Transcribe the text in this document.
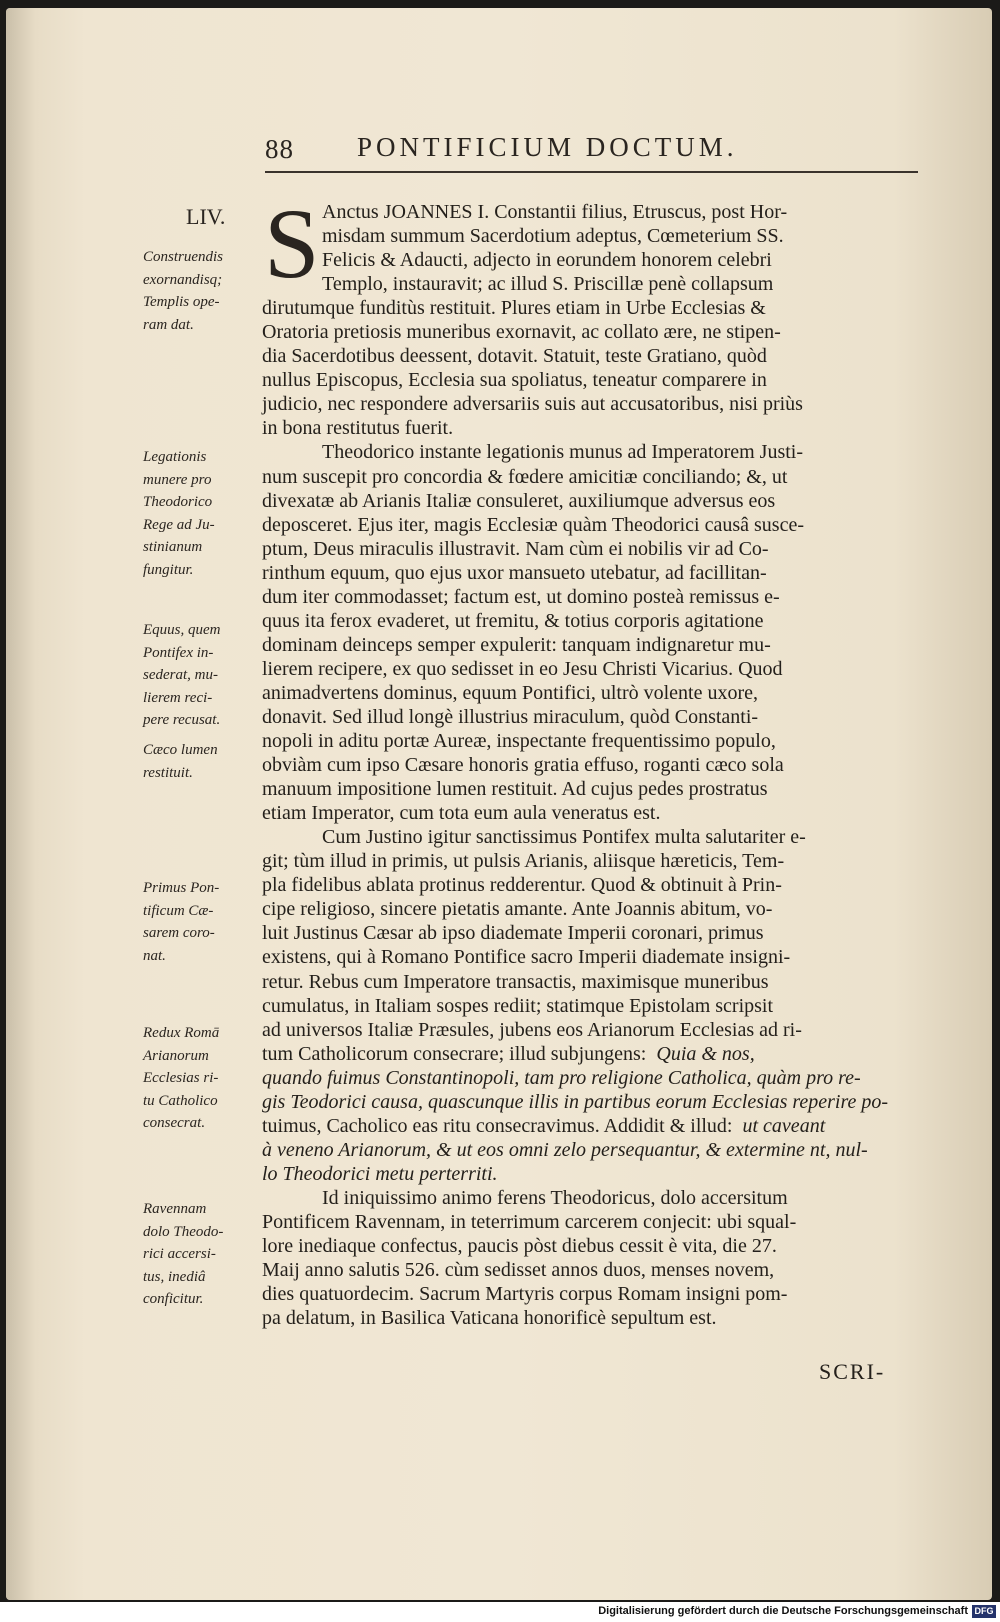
88 PONTIFICIUM DOCTUM.
LIV.
Construendis
exornandisq;
Templis ope-
ram dat.
Legationis
munere pro
Theodorico
Rege ad Ju-
stinianum
fungitur.
Equus, quem
Pontifex in-
sederat, mu-
lierem reci-
pere recusat.
Cæco lumen
restituit.
Primus Pon-
tificum Cæ-
sarem coro-
nat.
Redux Romā
Arianorum
Ecclesias ri-
tu Catholico
consecrat.
Ravennam
dolo Theodo-
rici accersi-
tus, inediâ
conficitur.
S Anctus JOANNES I. Constantii filius, Etruscus, post Hor-
misdam summum Sacerdotium adeptus, Cœmeterium SS.
Felicis & Adaucti, adjecto in eorundem honorem celebri
Templo, instauravit; ac illud S. Priscillæ penè collapsum
dirutumque funditùs restituit. Plures etiam in Urbe Ecclesias &
Oratoria pretiosis muneribus exornavit, ac collato ære, ne stipen-
dia Sacerdotibus deessent, dotavit. Statuit, teste Gratiano, quòd
nullus Episcopus, Ecclesia sua spoliatus, teneatur comparere in
judicio, nec respondere adversariis suis aut accusatoribus, nisi priùs
in bona restitutus fuerit.
Theodorico instante legationis munus ad Imperatorem Justi-
num suscepit pro concordia & fœdere amicitiæ conciliando; &, ut
divexatæ ab Arianis Italiæ consuleret, auxiliumque adversus eos
deposceret. Ejus iter, magis Ecclesiæ quàm Theodorici causâ susce-
ptum, Deus miraculis illustravit. Nam cùm ei nobilis vir ad Co-
rinthum equum, quo ejus uxor mansueto utebatur, ad facillitan-
dum iter commodasset; factum est, ut domino posteà remissus e-
quus ita ferox evaderet, ut fremitu, & totius corporis agitatione
dominam deinceps semper expulerit: tanquam indignaretur mu-
lierem recipere, ex quo sedisset in eo Jesu Christi Vicarius. Quod
animadvertens dominus, equum Pontifici, ultrò volente uxore,
donavit. Sed illud longè illustrius miraculum, quòd Constanti-
nopoli in aditu portæ Aureæ, inspectante frequentissimo populo,
obviàm cum ipso Cæsare honoris gratia effuso, roganti cæco sola
manuum impositione lumen restituit. Ad cujus pedes prostratus
etiam Imperator, cum tota eum aula veneratus est.
Cum Justino igitur sanctissimus Pontifex multa salutariter e-
git; tùm illud in primis, ut pulsis Arianis, aliisque hæreticis, Tem-
pla fidelibus ablata protinus redderentur. Quod & obtinuit à Prin-
cipe religioso, sincere pietatis amante. Ante Joannis abitum, vo-
luit Justinus Cæsar ab ipso diademate Imperii coronari, primus
existens, qui à Romano Pontifice sacro Imperii diademate insigni-
retur. Rebus cum Imperatore transactis, maximisque muneribus
cumulatus, in Italiam sospes rediit; statimque Epistolam scripsit
ad universos Italiæ Præsules, jubens eos Arianorum Ecclesias ad ri-
tum Catholicorum consecrare; illud subjungens: Quia & nos,
quando fuimus Constantinopoli, tam pro religione Catholica, quàm pro re-
gis Teodorici causa, quascunque illis in partibus eorum Ecclesias reperire po-
tuimus, Cacholico eas ritu consecravimus. Addidit & illud: ut caveant
à veneno Arianorum, & ut eos omni zelo persequantur, & extermine nt, nul-
lo Theodorici metu perterriti.
Id iniquissimo animo ferens Theodoricus, dolo accersitum
Pontificem Ravennam, in teterrimum carcerem conjecit: ubi squal-
lore inediaque confectus, paucis pòst diebus cessit è vita, die 27.
Maij anno salutis 526. cùm sedisset annos duos, menses novem,
dies quatuordecim. Sacrum Martyris corpus Romam insigni pom-
pa delatum, in Basilica Vaticana honorificè sepultum est.
SCRI-
Digitalisierung gefördert durch die Deutsche Forschungsgemeinschaft DFG
